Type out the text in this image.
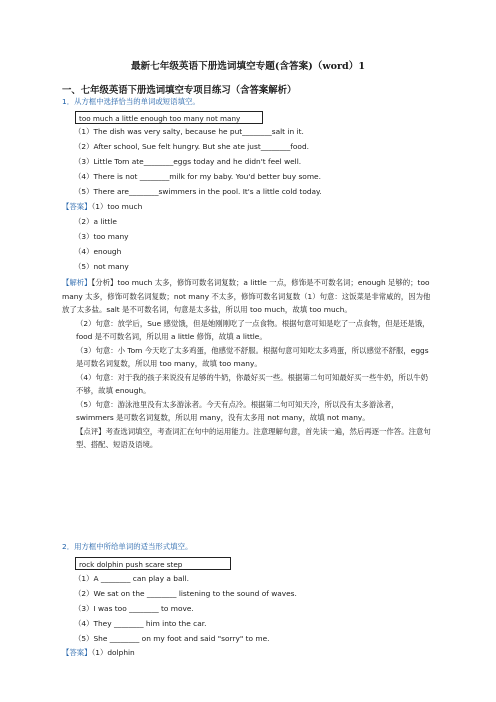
最新七年级英语下册选词填空专题(含答案)（word）1
一、七年级英语下册选词填空专项目练习（含答案解析）
1．从方框中选择恰当的单词或短语填空。
too much a little enough too many not many
（1）The dish was very salty, because he put________salt in it.
（2）After school, Sue felt hungry. But she ate just________food.
（3）Little Tom ate________eggs today and he didn't feel well.
（4）There is not ________milk for my baby. You'd better buy some.
（5）There are________swimmers in the pool. It's a little cold today.
【答案】（1）too much
（2）a little
（3）too many
（4）enough
（5）not many

【解析】【分析】too much 太多，修饰可数名词复数；a little 一点，修饰是不可数名词；enough 足够的；too many 太多，修饰可数名词复数；not many 不太多，修饰可数名词复数（1）句意：这饭菜是非常咸的，因为他放了太多盐。salt 是不可数名词，句意是太多盐，所以用 too much，故填 too much。

（2）句意：放学后，Sue 感觉饿，但是她刚刚吃了一点食物。根据句意可知是吃了一点食物，但是还是饿，food 是不可数名词，所以用 a little 修饰，故填 a little。

（3）句意：小 Tom 今天吃了太多鸡蛋，他感觉不舒服。根据句意可知吃太多鸡蛋，所以感觉不舒服，eggs 是可数名词复数，所以用 too many，故填 too many。

（4）句意：对于我的孩子来说没有足够的牛奶，你最好买一些。根据第二句可知最好买一些牛奶，所以牛奶不够，故填 enough。

（5）句意：游泳池里没有太多游泳者。今天有点冷。根据第二句可知天冷，所以没有太多游泳者，swimmers 是可数名词复数，所以用 many，没有太多用 not many，故填 not many。

【点评】考查选词填空，考查词汇在句中的运用能力。注意理解句意，首先读一遍，然后再逐一作答。注意句型、搭配、短语及语境。

2．用方框中所给单词的适当形式填空。
rock dolphin push scare step
（1）A ________ can play a ball.
（2）We sat on the ________ listening to the sound of waves.
（3）I was too ________ to move.
（4）They ________ him into the car.
（5）She ________ on my foot and said "sorry" to me.
【答案】（1）dolphin
